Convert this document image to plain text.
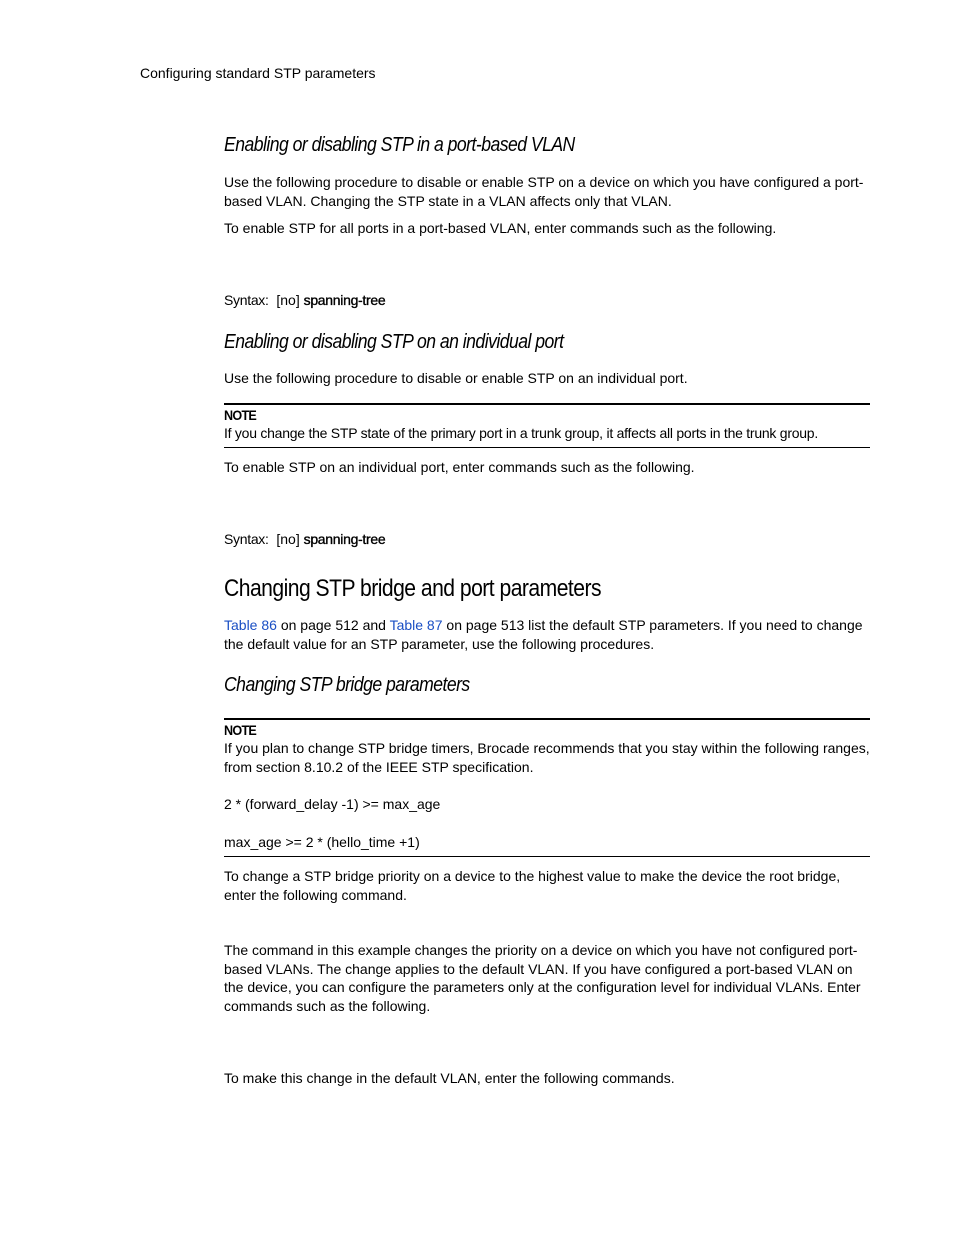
Configuring standard STP parameters
Enabling or disabling STP in a port-based VLAN
Use the following procedure to disable or enable STP on a device on which you have configured a port-based VLAN. Changing the STP state in a VLAN affects only that VLAN.
To enable STP for all ports in a port-based VLAN, enter commands such as the following.
Syntax: [no] spanning-tree
Enabling or disabling STP on an individual port
Use the following procedure to disable or enable STP on an individual port.
NOTE
If you change the STP state of the primary port in a trunk group, it affects all ports in the trunk group.
To enable STP on an individual port, enter commands such as the following.
Syntax: [no] spanning-tree
Changing STP bridge and port parameters
Table 86 on page 512 and Table 87 on page 513 list the default STP parameters. If you need to change the default value for an STP parameter, use the following procedures.
Changing STP bridge parameters
NOTE
If you plan to change STP bridge timers, Brocade recommends that you stay within the following ranges, from section 8.10.2 of the IEEE STP specification.
2 * (forward_delay -1) >= max_age
max_age >= 2 * (hello_time +1)
To change a STP bridge priority on a device to the highest value to make the device the root bridge, enter the following command.
The command in this example changes the priority on a device on which you have not configured port-based VLANs. The change applies to the default VLAN. If you have configured a port-based VLAN on the device, you can configure the parameters only at the configuration level for individual VLANs. Enter commands such as the following.
To make this change in the default VLAN, enter the following commands.
